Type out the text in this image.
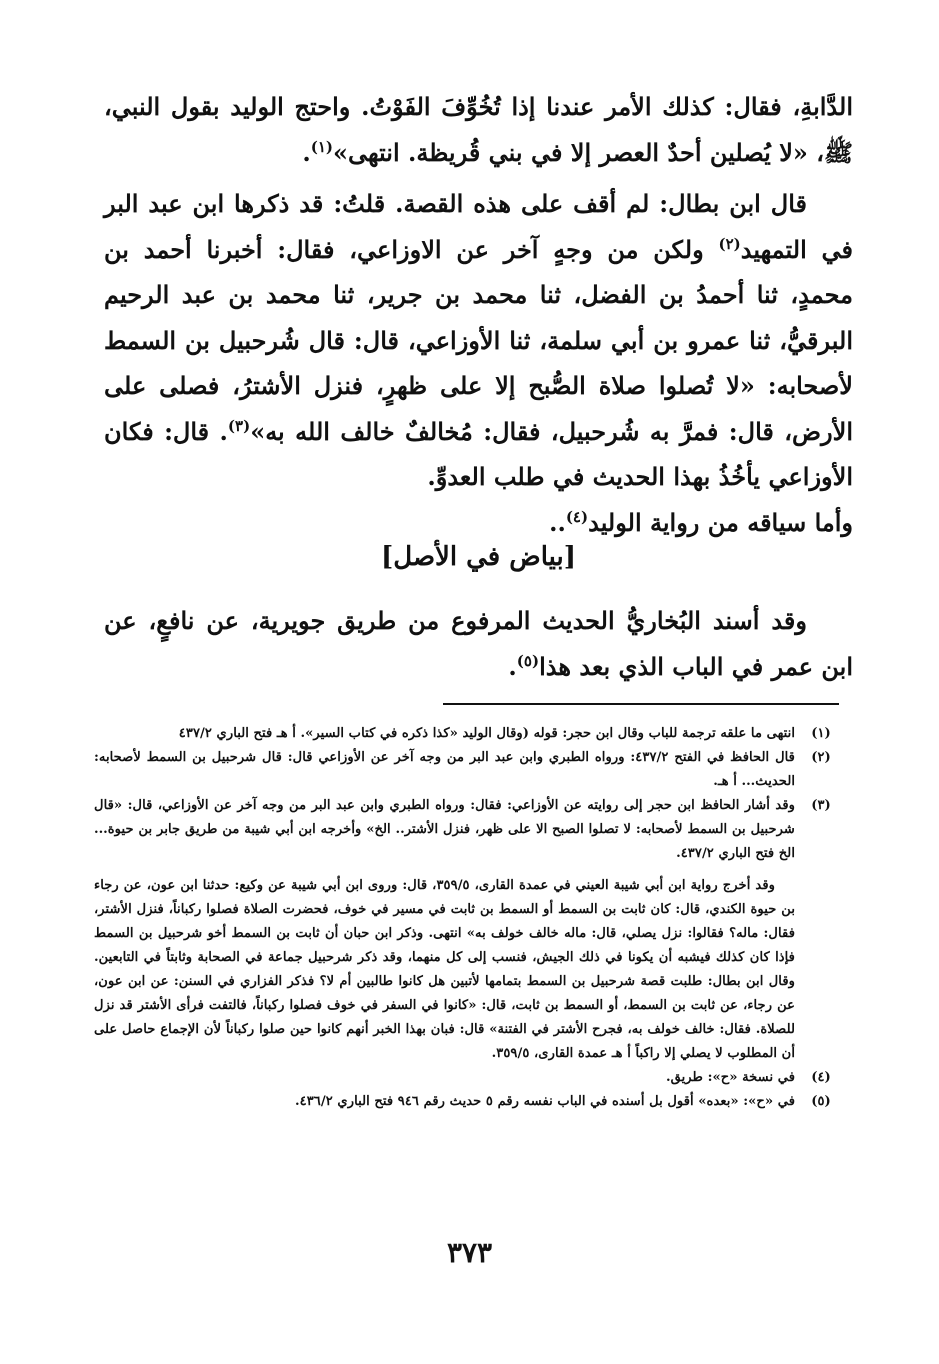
الدَّابةِ، فقال: كذلك الأمر عندنا إذا تُخُوِّفَ الفَوْتُ. واحتج الوليد بقول النبي، ﷺ، «لا يُصلين أحدٌ العصر إلا في بني قُريظة. انتهى»$^{(١)}$.

قال ابن بطال: لم أقف على هذه القصة. قلتُ: قد ذكرها ابن عبد البر في التمهيد$^{(٢)}$ ولكن من وجهٍ آخر عن الاوزاعي، فقال: أخبرنا أحمد بن محمدٍ، ثنا أحمدُ بن الفضل، ثنا محمد بن جرير، ثنا محمد بن عبد الرحيم البرقيُّ، ثنا عمرو بن أبي سلمة، ثنا الأوزاعي، قال: قال شُرحبيل بن السمط لأصحابه: «لا تُصلوا صلاة الصُّبح إلا على ظهرٍ، فنزل الأشترُ، فصلى على الأرض، قال: فمرَّ به شُرحبيل، فقال: مُخالفٌ خالف الله به»$^{(٣)}$. قال: فكان الأوزاعي يأخُذُ بهذا الحديث في طلب العدوِّ.

وأما سياقه من رواية الوليد$^{(٤)}$..

[بياض في الأصل]

وقد أسند البُخاريُّ الحديث المرفوع من طريق جويرية، عن نافعٍ، عن ابن عمر في الباب الذي بعد هذا$^{(٥)}$.

(١)
انتهى ما علقه ترجمة للباب وقال ابن حجر: قوله (وقال الوليد «كذا ذكره في كتاب السير». أ هـ فتح الباري ٤٣٧/٢
(٢)
قال الحافظ في الفتح ٤٣٧/٢: ورواه الطبري وابن عبد البر من وجه آخر عن الأوزاعي قال: قال شرحبيل بن السمط لأصحابه: الحديث... أ هـ.
(٣)
وقد أشار الحافظ ابن حجر إلى روايته عن الأوزاعي: فقال: ورواه الطبري وابن عبد البر من وجه آخر عن الأوزاعي، قال: «قال شرحبيل بن السمط لأصحابه: لا تصلوا الصبح الا على ظهر، فنزل الأشتر.. الخ» وأخرجه ابن أبي شيبة من طريق جابر بن حيوة... الخ فتح الباري ٤٣٧/٢.
وقد أخرج رواية ابن أبي شيبة العيني في عمدة القارى، ٣٥٩/٥، قال: وروى ابن أبي شيبة عن وكيع: حدثنا ابن عون، عن رجاء بن حيوة الكندي، قال: كان ثابت بن السمط أو السمط بن ثابت في مسير في خوف، فحضرت الصلاة فصلوا ركباناً، فنزل الأشتر، فقال: ماله؟ فقالوا: نزل يصلي، قال: ماله خالف خولف به» انتهى. وذكر ابن حبان أن ثابت بن السمط أخو شرحبيل بن السمط فإذا كان كذلك فيشبه أن يكونا في ذلك الجيش، فنسب إلى كل منهما، وقد ذكر شرحبيل جماعة في الصحابة وثابتاً في التابعين. وقال ابن بطال: طلبت قصة شرحبيل بن السمط بتمامها لأتبين هل كانوا طالبين أم لا؟ فذكر الفزاري في السنن: عن ابن عون، عن رجاء، عن ثابت بن السمط، أو السمط بن ثابت، قال: «كانوا في السفر في خوف فصلوا ركباناً، فالتفت فرأى الأشتر قد نزل للصلاة. فقال: خالف خولف به، فجرح الأشتر في الفتنة» قال: فبان بهذا الخبر أنهم كانوا حين صلوا ركباناً لأن الإجماع حاصل على أن المطلوب لا يصلي إلا راكباً أ هـ عمدة القارى، ٣٥٩/٥.
(٤)
في نسخة «ح»: طريق.
(٥)
في «ح»: «بعده» أقول بل أسنده في الباب نفسه رقم ٥ حديث رقم ٩٤٦ فتح الباري ٤٣٦/٢.
٣٧٣
